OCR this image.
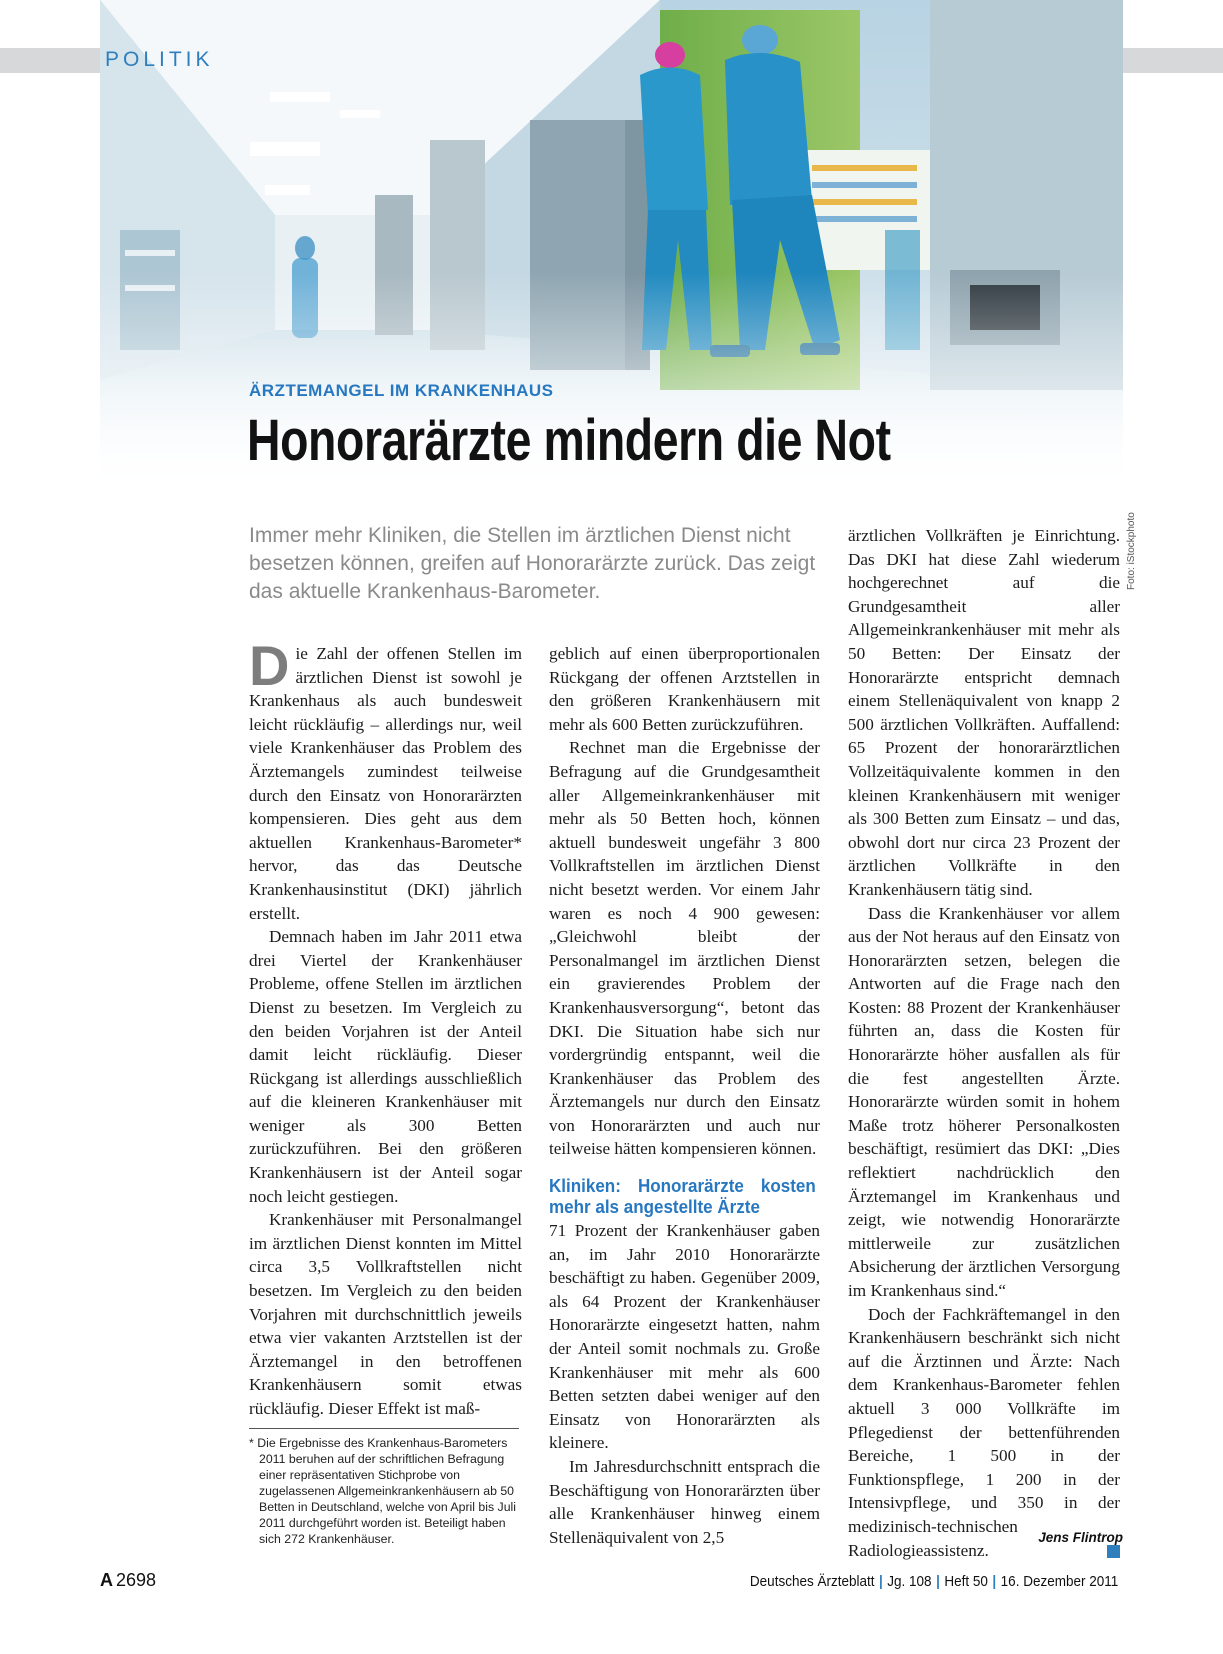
POLITIK
ÄRZTEMANGEL IM KRANKENHAUS
Honorarärzte mindern die Not
Immer mehr Kliniken, die Stellen im ärztlichen Dienst nicht besetzen können, greifen auf Honorarärzte zurück. Das zeigt das aktuelle Krankenhaus-Barometer.
Foto: iStockphoto

Die Zahl der offenen Stellen im ärztlichen Dienst ist sowohl je Krankenhaus als auch bundesweit leicht rückläufig – allerdings nur, weil viele Krankenhäuser das Problem des Ärztemangels zumindest teilweise durch den Einsatz von Honorarärzten kompensieren. Dies geht aus dem aktuellen Krankenhaus-Barometer* hervor, das das Deutsche Krankenhausinstitut (DKI) jährlich erstellt.

Demnach haben im Jahr 2011 etwa drei Viertel der Krankenhäuser Probleme, offene Stellen im ärztlichen Dienst zu besetzen. Im Vergleich zu den beiden Vorjahren ist der Anteil damit leicht rückläufig. Dieser Rückgang ist allerdings ausschließlich auf die kleineren Krankenhäuser mit weniger als 300 Betten zurückzuführen. Bei den größeren Krankenhäusern ist der Anteil sogar noch leicht gestiegen.

Krankenhäuser mit Personalmangel im ärztlichen Dienst konnten im Mittel circa 3,5 Vollkraftstellen nicht besetzen. Im Vergleich zu den beiden Vorjahren mit durchschnittlich jeweils etwa vier vakanten Arztstellen ist der Ärztemangel in den betroffenen Krankenhäusern somit etwas rückläufig. Dieser Effekt ist maß-

* Die Ergebnisse des Krankenhaus-Barometers 2011 beruhen auf der schriftlichen Befragung einer repräsentativen Stichprobe von zugelassenen Allgemeinkrankenhäusern ab 50 Betten in Deutschland, welche von April bis Juli 2011 durchgeführt worden ist. Beteiligt haben sich 272 Krankenhäuser.

geblich auf einen überproportionalen Rückgang der offenen Arztstellen in den größeren Krankenhäusern mit mehr als 600 Betten zurückzuführen.

Rechnet man die Ergebnisse der Befragung auf die Grundgesamtheit aller Allgemeinkrankenhäuser mit mehr als 50 Betten hoch, können aktuell bundesweit ungefähr 3 800 Vollkraftstellen im ärztlichen Dienst nicht besetzt werden. Vor einem Jahr waren es noch 4 900 gewesen: „Gleichwohl bleibt der Personalmangel im ärztlichen Dienst ein gravierendes Problem der Krankenhausversorgung“, betont das DKI. Die Situation habe sich nur vordergründig entspannt, weil die Krankenhäuser das Problem des Ärztemangels nur durch den Einsatz von Honorarärzten und auch nur teilweise hätten kompensieren können.

Kliniken: Honorarärzte kosten mehr als angestellte Ärzte

71 Prozent der Krankenhäuser gaben an, im Jahr 2010 Honorarärzte beschäftigt zu haben. Gegenüber 2009, als 64 Prozent der Krankenhäuser Honorarärzte eingesetzt hatten, nahm der Anteil somit nochmals zu. Große Krankenhäuser mit mehr als 600 Betten setzten dabei weniger auf den Einsatz von Honorarärzten als kleinere.

Im Jahresdurchschnitt entsprach die Beschäftigung von Honorarärzten über alle Krankenhäuser hinweg einem Stellenäquivalent von 2,5

ärztlichen Vollkräften je Einrichtung. Das DKI hat diese Zahl wiederum hochgerechnet auf die Grundgesamtheit aller Allgemeinkrankenhäuser mit mehr als 50 Betten: Der Einsatz der Honorarärzte entspricht demnach einem Stellenäquivalent von knapp 2 500 ärztlichen Vollkräften. Auffallend: 65 Prozent der honorarärztlichen Vollzeitäquivalente kommen in den kleinen Krankenhäusern mit weniger als 300 Betten zum Einsatz – und das, obwohl dort nur circa 23 Prozent der ärztlichen Vollkräfte in den Krankenhäusern tätig sind.

Dass die Krankenhäuser vor allem aus der Not heraus auf den Einsatz von Honorarärzten setzen, belegen die Antworten auf die Frage nach den Kosten: 88 Prozent der Krankenhäuser führten an, dass die Kosten für Honorarärzte höher ausfallen als für die fest angestellten Ärzte. Honorarärzte würden somit in hohem Maße trotz höherer Personalkosten beschäftigt, resümiert das DKI: „Dies reflektiert nachdrücklich den Ärztemangel im Krankenhaus und zeigt, wie notwendig Honorarärzte mittlerweile zur zusätzlichen Absicherung der ärztlichen Versorgung im Krankenhaus sind.“

Doch der Fachkräftemangel in den Krankenhäusern beschränkt sich nicht auf die Ärztinnen und Ärzte: Nach dem Krankenhaus-Barometer fehlen aktuell 3 000 Vollkräfte im Pflegedienst der bettenführenden Bereiche, 1 500 in der Funktionspflege, 1 200 in der Intensivpflege, und 350 in der medizinisch-technischen Radiologieassistenz.

Jens Flintrop
A 2698	Deutsches Ärzteblatt | Jg. 108 | Heft 50 | 16. Dezember 2011
